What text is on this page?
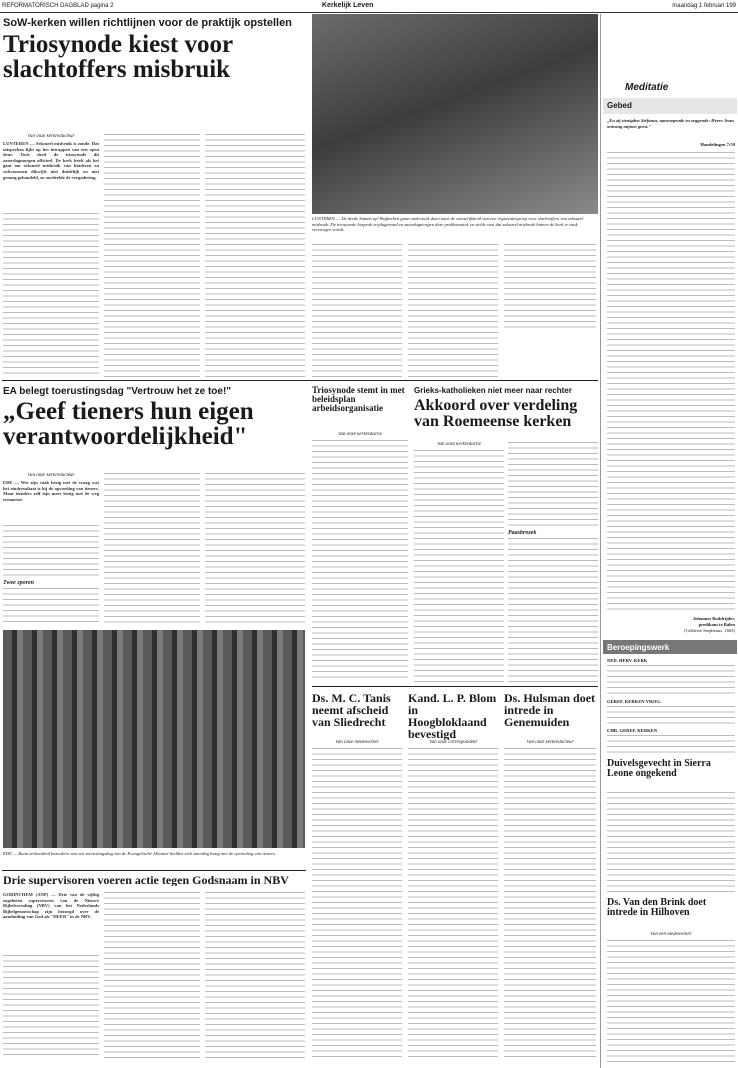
REFORMATORISCH DAGBLAD pagina 2	Kerkelijk Leven	maandag 1 februari 199
SoW-kerken willen richtlijnen voor de praktijk opstellen
Triosynode kiest voor slachtoffers misbruik
Van onze kerkredacteur
LUNTEREN — Seksueel misbruik is zonde. Dat uitspreken lijkt op het intrappen van een open deur. Toch deed de triosynode dit zaterdagmorgen officieel. De kerk heeft als het gaat om seksueel misbruik van kinderen en volwassenen dikwijls niet duidelijk en niet genoeg gehandeld, zo oordeelde de vergadering.
LUNTEREN — De derde Samen-op-Wegkerken gaan onderzoek doen naar de wenselijkheid van een registratiegroep voor slachtoffers van seksueel misbruik. De triosynode besprak vrijdagavond en zaterdagmorgen deze problematiek en stelde vast dat seksueel misbruik binnen de kerk te vaak verzwegen wordt.
EA belegt toerustingsdag "Vertrouw het ze toe!"
„Geef tieners hun eigen verantwoordelijkheid"
Van onze kerkredacteur
EDE — Wie zijn vaak bezig met de vraag wat het eindresultaat is bij de opvoeding van tieners. Maar tienders zelf zijn meer bezig met de weg ernaartoe.
Twee sporen
EDE — Ruim zeshonderd bezoekers van een toerustingsdag van de Evangelische Alliantie hielden zich zaterdag bezig met de opvoeding van tieners.
Triosynode stemt in met beleidsplan arbeidsorganisatie
Van onze kerkredactie
Grieks-katholieken niet meer naar rechter
Akkoord over verdeling van Roemeense kerken
Van onze kerkredactie
Paasbrozek
Ds. M. C. Tanis neemt afscheid van Sliedrecht
Van onze medewerker
Kand. L. P. Blom in Hoogbloklaand bevestigd
Van onze correspondent
Ds. Hulsman doet intrede in Genemuiden
Van onze kerkredacteur
Drie supervisoren voeren actie tegen Godsnaam in NBV
GORINCHEM (ANP) — Drie van de vijftig zogeheten supervisoren van de Nieuwe Bijbelvertaling (NBV) van het Nederlands Bijbelgenootschap zijn bezorgd over de aanduiding van God als "HEER" in de NBV.
Meditatie
Gebed
„En zij stenigden Stéfanus, aanroepende en zeggende: Heere Jezus ontvang mijnen geest."
Handelingen 7:59
Johannes Boddrijder,
predikant te Balen
(Gelderse Stephanus, 1663)
Beroepingswerk
NED. HERV. KERK
GEREF. KERKEN VRIJG.
CHR. GEREF. KERKEN
Duivelsgevecht in Sierra Leone ongekend
Ds. Van den Brink doet intrede in Hilhoven
Van een medewerker
